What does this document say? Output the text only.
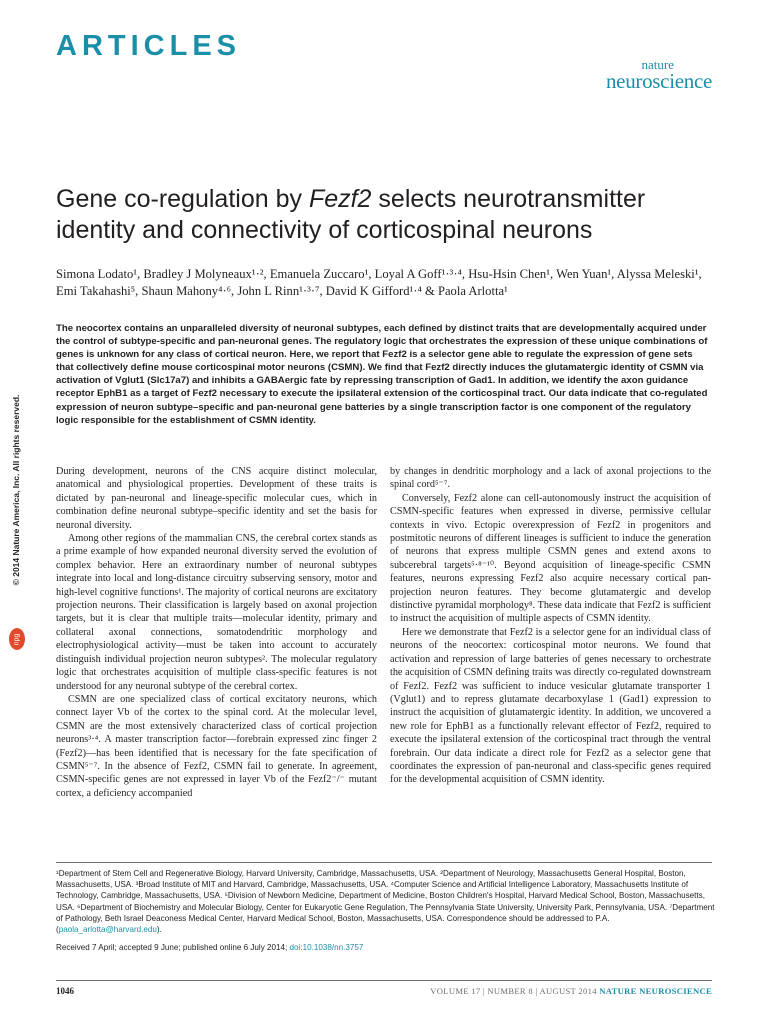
ARTICLES
nature
neuroscience
Gene co-regulation by Fezf2 selects neurotransmitter identity and connectivity of corticospinal neurons
Simona Lodato¹, Bradley J Molyneaux¹·², Emanuela Zuccaro¹, Loyal A Goff¹·³·⁴, Hsu-Hsin Chen¹, Wen Yuan¹, Alyssa Meleski¹, Emi Takahashi⁵, Shaun Mahony⁴·⁶, John L Rinn¹·³·⁷, David K Gifford¹·⁴ & Paola Arlotta¹
The neocortex contains an unparalleled diversity of neuronal subtypes, each defined by distinct traits that are developmentally acquired under the control of subtype-specific and pan-neuronal genes. The regulatory logic that orchestrates the expression of these unique combinations of genes is unknown for any class of cortical neuron. Here, we report that Fezf2 is a selector gene able to regulate the expression of gene sets that collectively define mouse corticospinal motor neurons (CSMN). We find that Fezf2 directly induces the glutamatergic identity of CSMN via activation of Vglut1 (Slc17a7) and inhibits a GABAergic fate by repressing transcription of Gad1. In addition, we identify the axon guidance receptor EphB1 as a target of Fezf2 necessary to execute the ipsilateral extension of the corticospinal tract. Our data indicate that co-regulated expression of neuron subtype–specific and pan-neuronal gene batteries by a single transcription factor is one component of the regulatory logic responsible for the establishment of CSMN identity.
© 2014 Nature America, Inc. All rights reserved.
npg

During development, neurons of the CNS acquire distinct molecular, anatomical and physiological properties. Development of these traits is dictated by pan-neuronal and lineage-specific molecular cues, which in combination define neuronal subtype–specific identity and set the basis for neuronal diversity.

Among other regions of the mammalian CNS, the cerebral cortex stands as a prime example of how expanded neuronal diversity served the evolution of complex behavior. Here an extraordinary number of neuronal subtypes integrate into local and long-distance circuitry subserving sensory, motor and high-level cognitive functions¹. The majority of cortical neurons are excitatory projection neurons. Their classification is largely based on axonal projection targets, but it is clear that multiple traits—molecular identity, primary and collateral axonal connections, somatodendritic morphology and electrophysiological activity—must be taken into account to accurately distinguish individual projection neuron subtypes². The molecular regulatory logic that orchestrates acquisition of multiple class-specific features is not understood for any neuronal subtype of the cerebral cortex.

CSMN are one specialized class of cortical excitatory neurons, which connect layer Vb of the cortex to the spinal cord. At the molecular level, CSMN are the most extensively characterized class of cortical projection neurons³·⁴. A master transcription factor—forebrain expressed zinc finger 2 (Fezf2)—has been identified that is necessary for the fate specification of CSMN⁵⁻⁷. In the absence of Fezf2, CSMN fail to generate. In agreement, CSMN-specific genes are not expressed in layer Vb of the Fezf2⁻/⁻ mutant cortex, a deficiency accompanied

by changes in dendritic morphology and a lack of axonal projections to the spinal cord⁵⁻⁷.

Conversely, Fezf2 alone can cell-autonomously instruct the acquisition of CSMN-specific features when expressed in diverse, permissive cellular contexts in vivo. Ectopic overexpression of Fezf2 in progenitors and postmitotic neurons of different lineages is sufficient to induce the generation of neurons that express multiple CSMN genes and extend axons to subcerebral targets⁵·⁸⁻¹⁰. Beyond acquisition of lineage-specific CSMN features, neurons expressing Fezf2 also acquire necessary cortical pan-projection neuron features. They become glutamatergic and develop distinctive pyramidal morphology⁸. These data indicate that Fezf2 is sufficient to instruct the acquisition of multiple aspects of CSMN identity.

Here we demonstrate that Fezf2 is a selector gene for an individual class of neurons of the neocortex: corticospinal motor neurons. We found that activation and repression of large batteries of genes necessary to orchestrate the acquisition of CSMN defining traits was directly co-regulated downstream of Fezf2. Fezf2 was sufficient to induce vesicular glutamate transporter 1 (Vglut1) and to repress glutamate decarboxylase 1 (Gad1) expression to instruct the acquisition of glutamatergic identity. In addition, we uncovered a new role for EphB1 as a functionally relevant effector of Fezf2, required to execute the ipsilateral extension of the corticospinal tract through the ventral forebrain. Our data indicate a direct role for Fezf2 as a selector gene that coordinates the expression of pan-neuronal and class-specific genes required for the developmental acquisition of CSMN identity.

¹Department of Stem Cell and Regenerative Biology, Harvard University, Cambridge, Massachusetts, USA. ²Department of Neurology, Massachusetts General Hospital, Boston, Massachusetts, USA. ³Broad Institute of MIT and Harvard, Cambridge, Massachusetts, USA. ⁴Computer Science and Artificial Intelligence Laboratory, Massachusetts Institute of Technology, Cambridge, Massachusetts, USA. ⁵Division of Newborn Medicine, Department of Medicine, Boston Children's Hospital, Harvard Medical School, Boston, Massachusetts, USA. ⁶Department of Biochemistry and Molecular Biology, Center for Eukaryotic Gene Regulation, The Pennsylvania State University, University Park, Pennsylvania, USA. ⁷Department of Pathology, Beth Israel Deaconess Medical Center, Harvard Medical School, Boston, Massachusetts, USA. Correspondence should be addressed to P.A. (paola_arlotta@harvard.edu).
Received 7 April; accepted 9 June; published online 6 July 2014; doi:10.1038/nn.3757
1046	VOLUME 17 | NUMBER 8 | AUGUST 2014 NATURE NEUROSCIENCE
